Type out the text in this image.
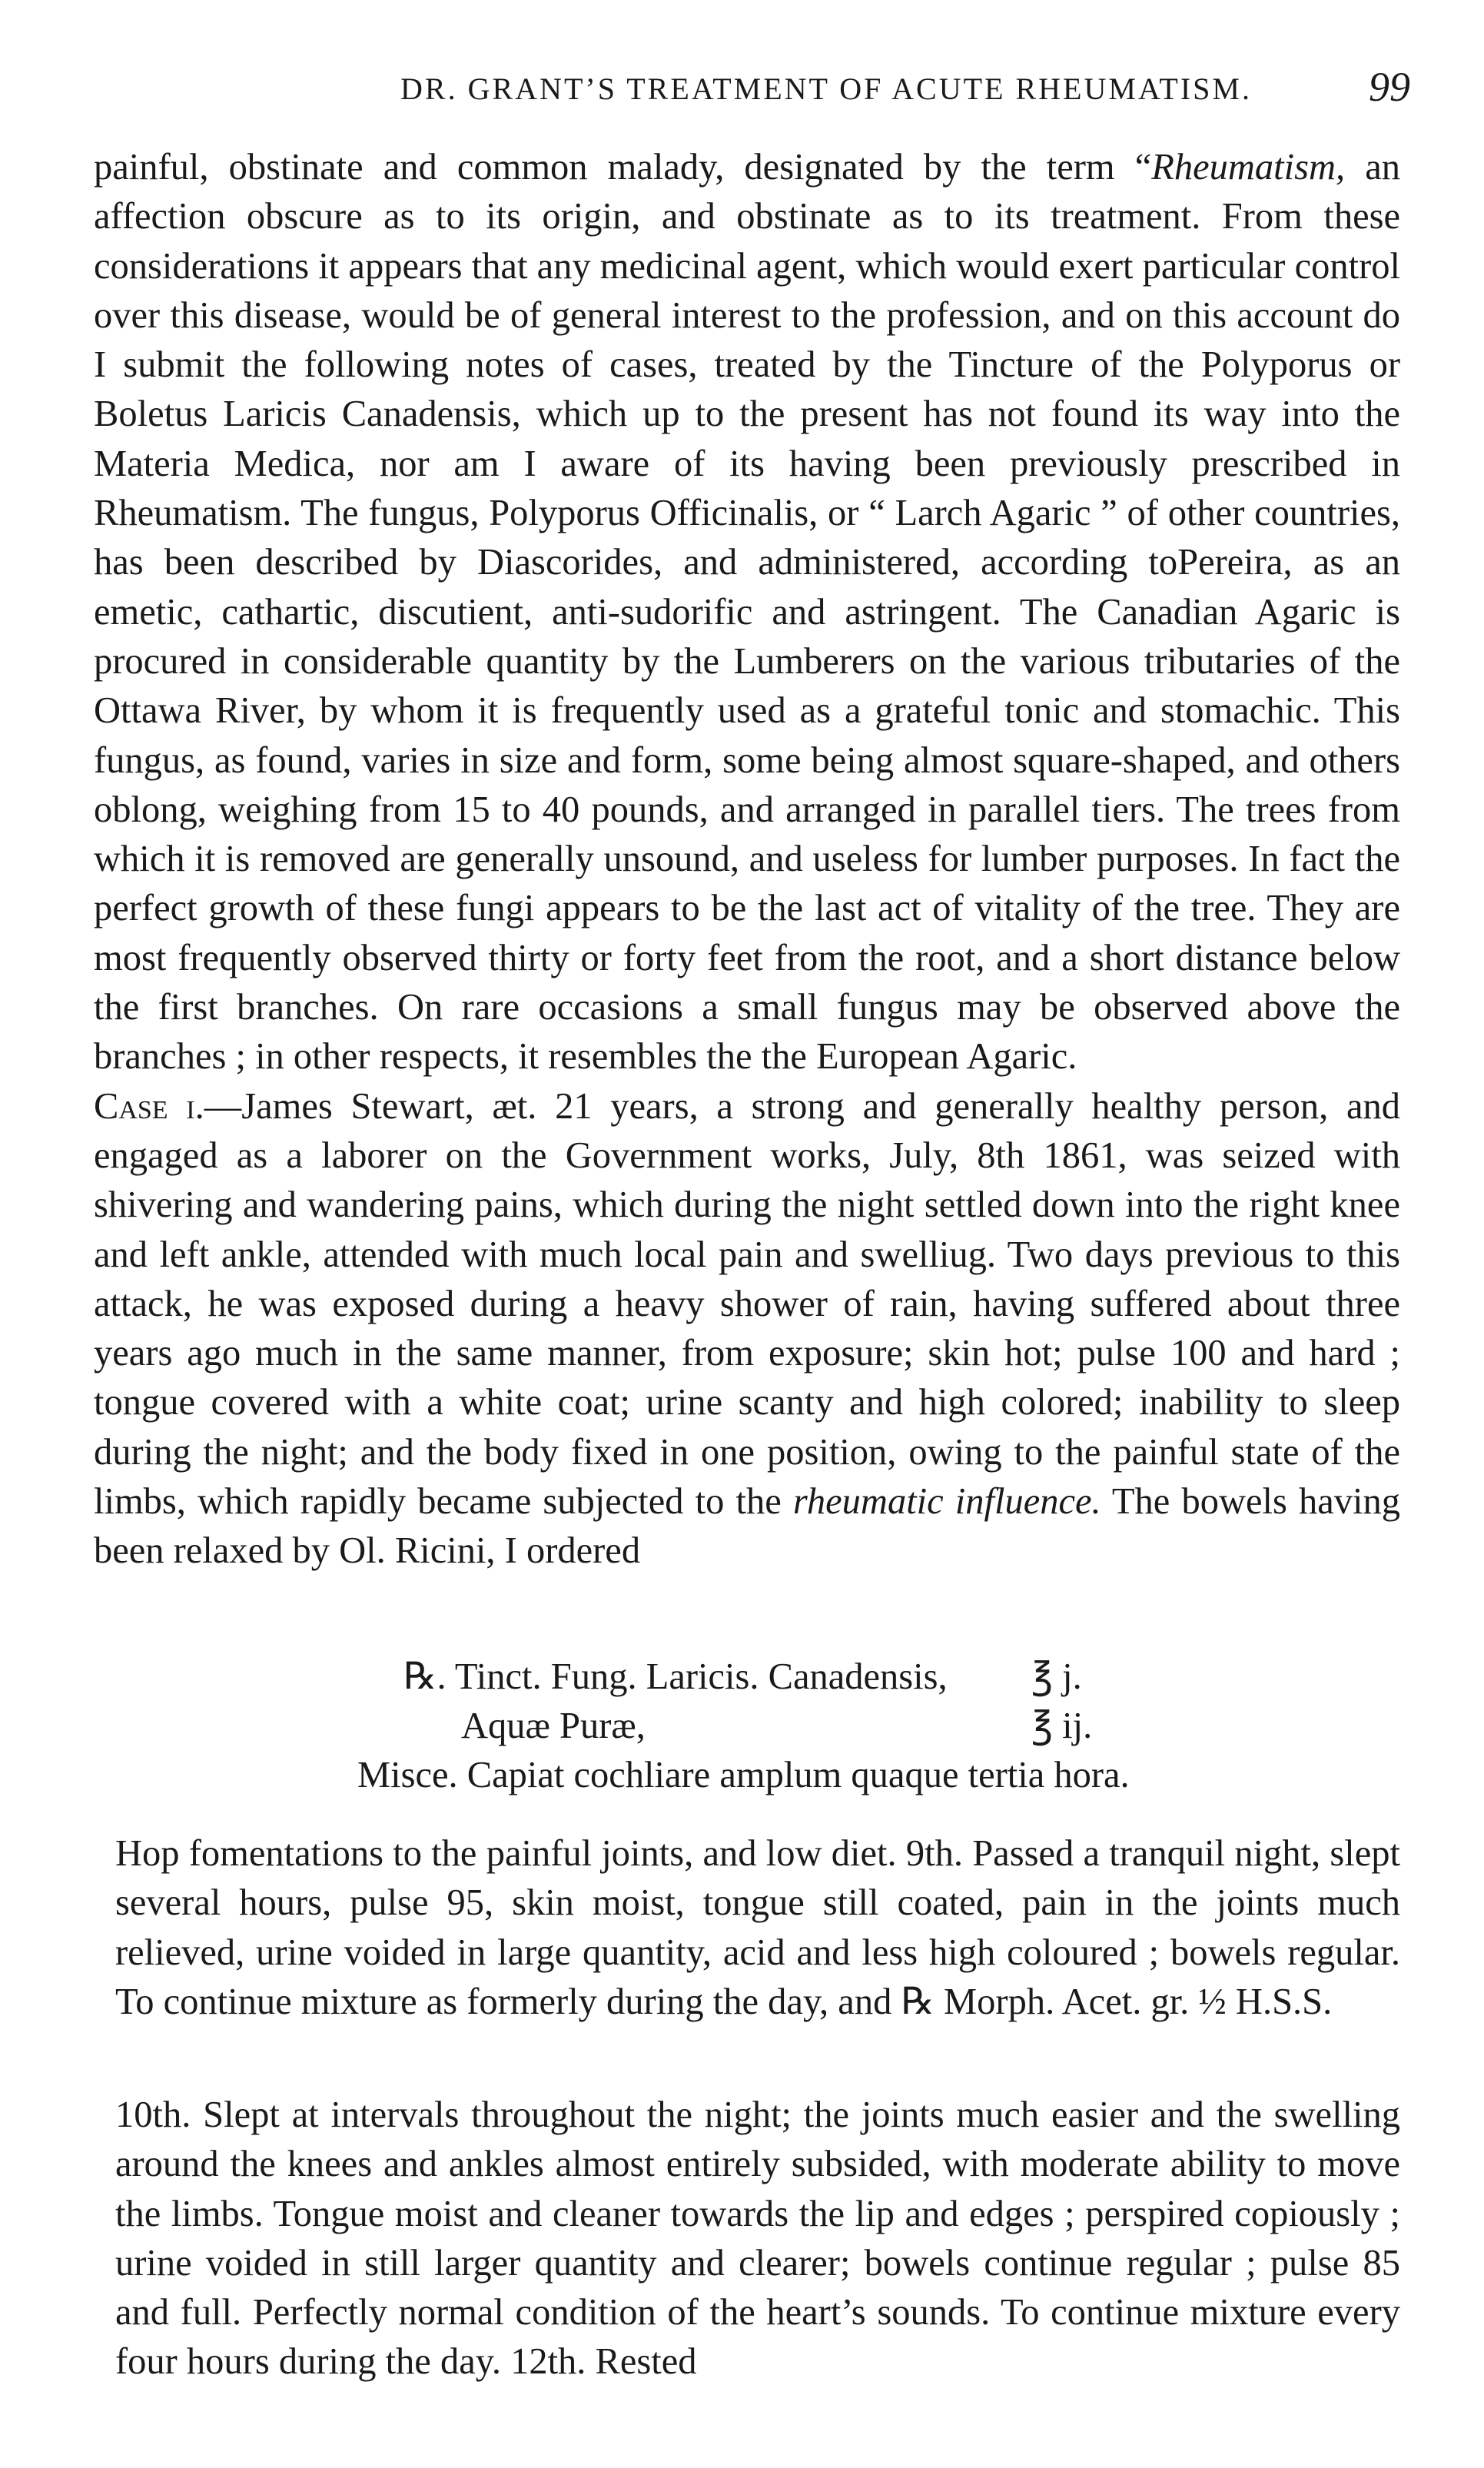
DR. GRANT’S TREATMENT OF ACUTE RHEUMATISM.	99

painful, obstinate and common malady, designated by the term “Rheumatism, an affection obscure as to its origin, and obstinate as to its treatment. From these considerations it appears that any medicinal agent, which would exert particular control over this disease, would be of general interest to the profession, and on this account do I submit the following notes of cases, treated by the Tincture of the Polyporus or Boletus Laricis Canadensis, which up to the present has not found its way into the Materia Medica, nor am I aware of its having been previously prescribed in Rheumatism. The fungus, Polyporus Officinalis, or “ Larch Agaric ” of other countries, has been described by Diascorides, and administered, according toPereira, as an emetic, cathartic, discutient, anti-sudorific and astringent. The Canadian Agaric is procured in considerable quantity by the Lumberers on the various tributaries of the Ottawa River, by whom it is frequently used as a grateful tonic and stomachic. This fungus, as found, varies in size and form, some being almost square-shaped, and others oblong, weighing from 15 to 40 pounds, and arranged in parallel tiers. The trees from which it is removed are generally unsound, and useless for lumber purposes. In fact the perfect growth of these fungi appears to be the last act of vitality of the tree. They are most frequently observed thirty or forty feet from the root, and a short distance below the first branches. On rare occasions a small fungus may be observed above the branches ; in other respects, it resembles the the European Agaric.

Case i.—James Stewart, æt. 21 years, a strong and generally healthy person, and engaged as a laborer on the Government works, July, 8th 1861, was seized with shivering and wandering pains, which during the night settled down into the right knee and left ankle, attended with much local pain and swelliug. Two days previous to this attack, he was exposed during a heavy shower of rain, having suffered about three years ago much in the same manner, from exposure; skin hot; pulse 100 and hard ; tongue covered with a white coat; urine scanty and high colored; inability to sleep during the night; and the body fixed in one position, owing to the painful state of the limbs, which rapidly became subjected to the rheumatic influence. The bowels having been relaxed by Ol. Ricini, I ordered

℞. Tinct. Fung. Laricis. Canadensis, ℥ j.
Aquæ Puræ,	℥ ij.
Misce. Capiat cochliare amplum quaque tertia hora.

Hop fomentations to the painful joints, and low diet. 9th. Passed a tranquil night, slept several hours, pulse 95, skin moist, tongue still coated, pain in the joints much relieved, urine voided in large quantity, acid and less high coloured ; bowels regular. To continue mixture as formerly during the day, and ℞ Morph. Acet. gr. ½ H.S.S.

10th. Slept at intervals throughout the night; the joints much easier and the swelling around the knees and ankles almost entirely subsided, with moderate ability to move the limbs. Tongue moist and cleaner towards the lip and edges ; perspired copiously ; urine voided in still larger quantity and clearer; bowels continue regular ; pulse 85 and full. Perfectly normal condition of the heart’s sounds. To continue mixture every four hours during the day. 12th. Rested
